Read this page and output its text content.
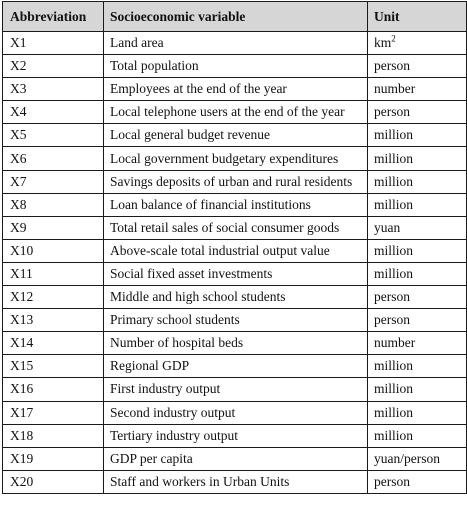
Abbreviation	Socioeconomic variable	Unit
X1	Land area	$km^2$
X2	Total population	person
X3	Employees at the end of the year	number
X4	Local telephone users at the end of the year	person
X5	Local general budget revenue	million
X6	Local government budgetary expenditures	million
X7	Savings deposits of urban and rural residents	million
X8	Loan balance of financial institutions	million
X9	Total retail sales of social consumer goods	yuan
X10	Above-scale total industrial output value	million
X11	Social fixed asset investments	million
X12	Middle and high school students	person
X13	Primary school students	person
X14	Number of hospital beds	number
X15	Regional GDP	million
X16	First industry output	million
X17	Second industry output	million
X18	Tertiary industry output	million
X19	GDP per capita	yuan/person
X20	Staff and workers in Urban Units	person
